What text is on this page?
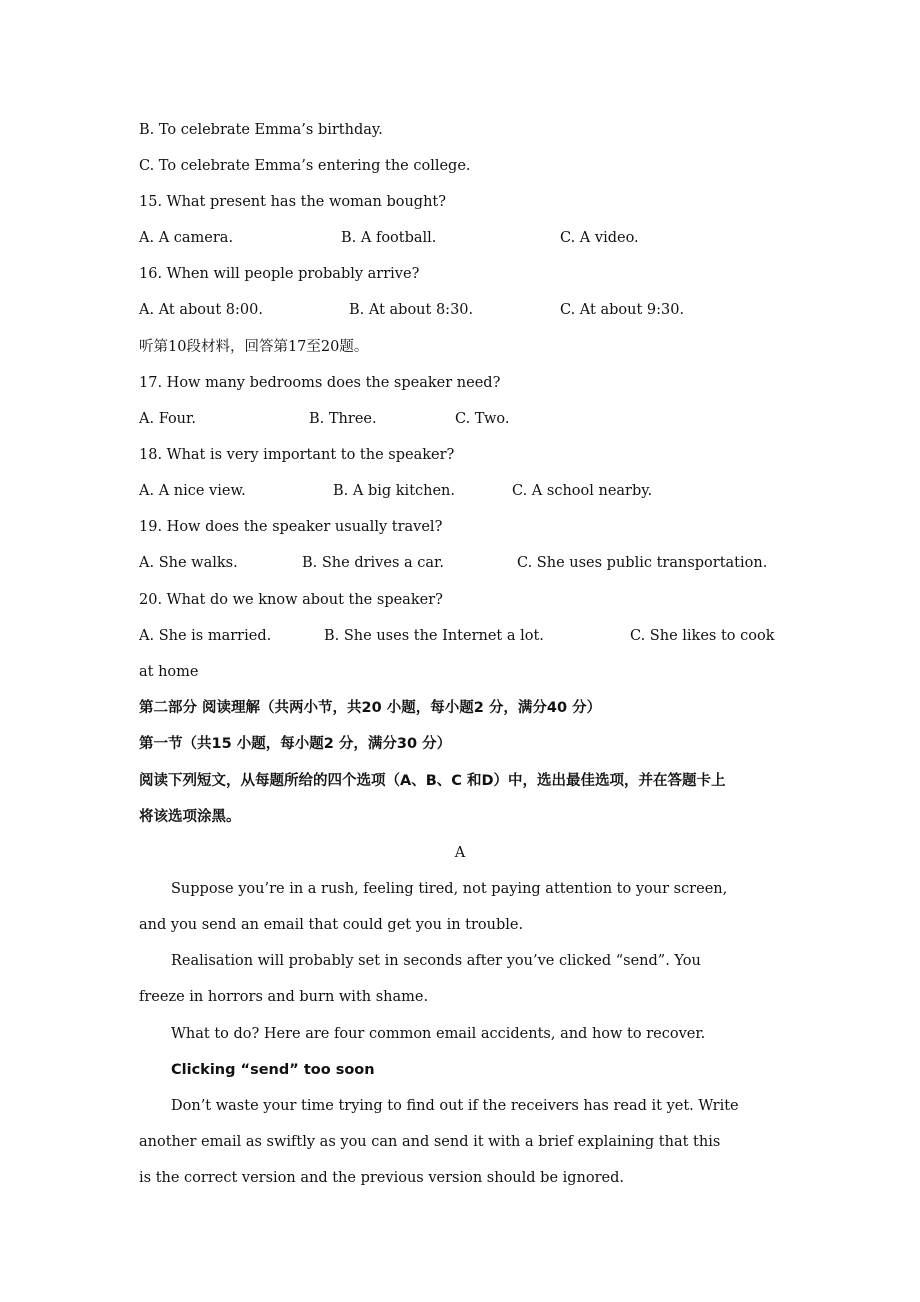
B. To celebrate Emma’s birthday.
C. To celebrate Emma’s entering the college.
15. What present has the woman bought?
A. A camera.	B. A football.	C. A video.
16. When will people probably arrive?
A. At about 8:00.	B. At about 8:30.	C. At about 9:30.
听第10段材料，回答第17至20题。
17. How many bedrooms does the speaker need?
A. Four.	B. Three.	C. Two.
18. What is very important to the speaker?
A. A nice view.	B. A big kitchen.	C. A school nearby.
19. How does the speaker usually travel?
A. She walks.	B. She drives a car.	C. She uses public transportation.
20. What do we know about the speaker?
A. She is married.	B. She uses the Internet a lot.	C. She likes to cook
at home
第二部分 阅读理解（共两小节，共20 小题，每小题2 分，满分40 分）
第一节（共15 小题，每小题2 分，满分30 分）
阅读下列短文，从每题所给的四个选项（A、B、C 和D）中，选出最佳选项，并在答题卡上
将该选项涂黑。
A
Suppose you’re in a rush, feeling tired, not paying attention to your screen,
and you send an email that could get you in trouble.
Realisation will probably set in seconds after you’ve clicked “send”. You
freeze in horrors and burn with shame.
What to do? Here are four common email accidents, and how to recover.
Clicking “send” too soon
Don’t waste your time trying to find out if the receivers has read it yet. Write
another email as swiftly as you can and send it with a brief explaining that this
is the correct version and the previous version should be ignored.
